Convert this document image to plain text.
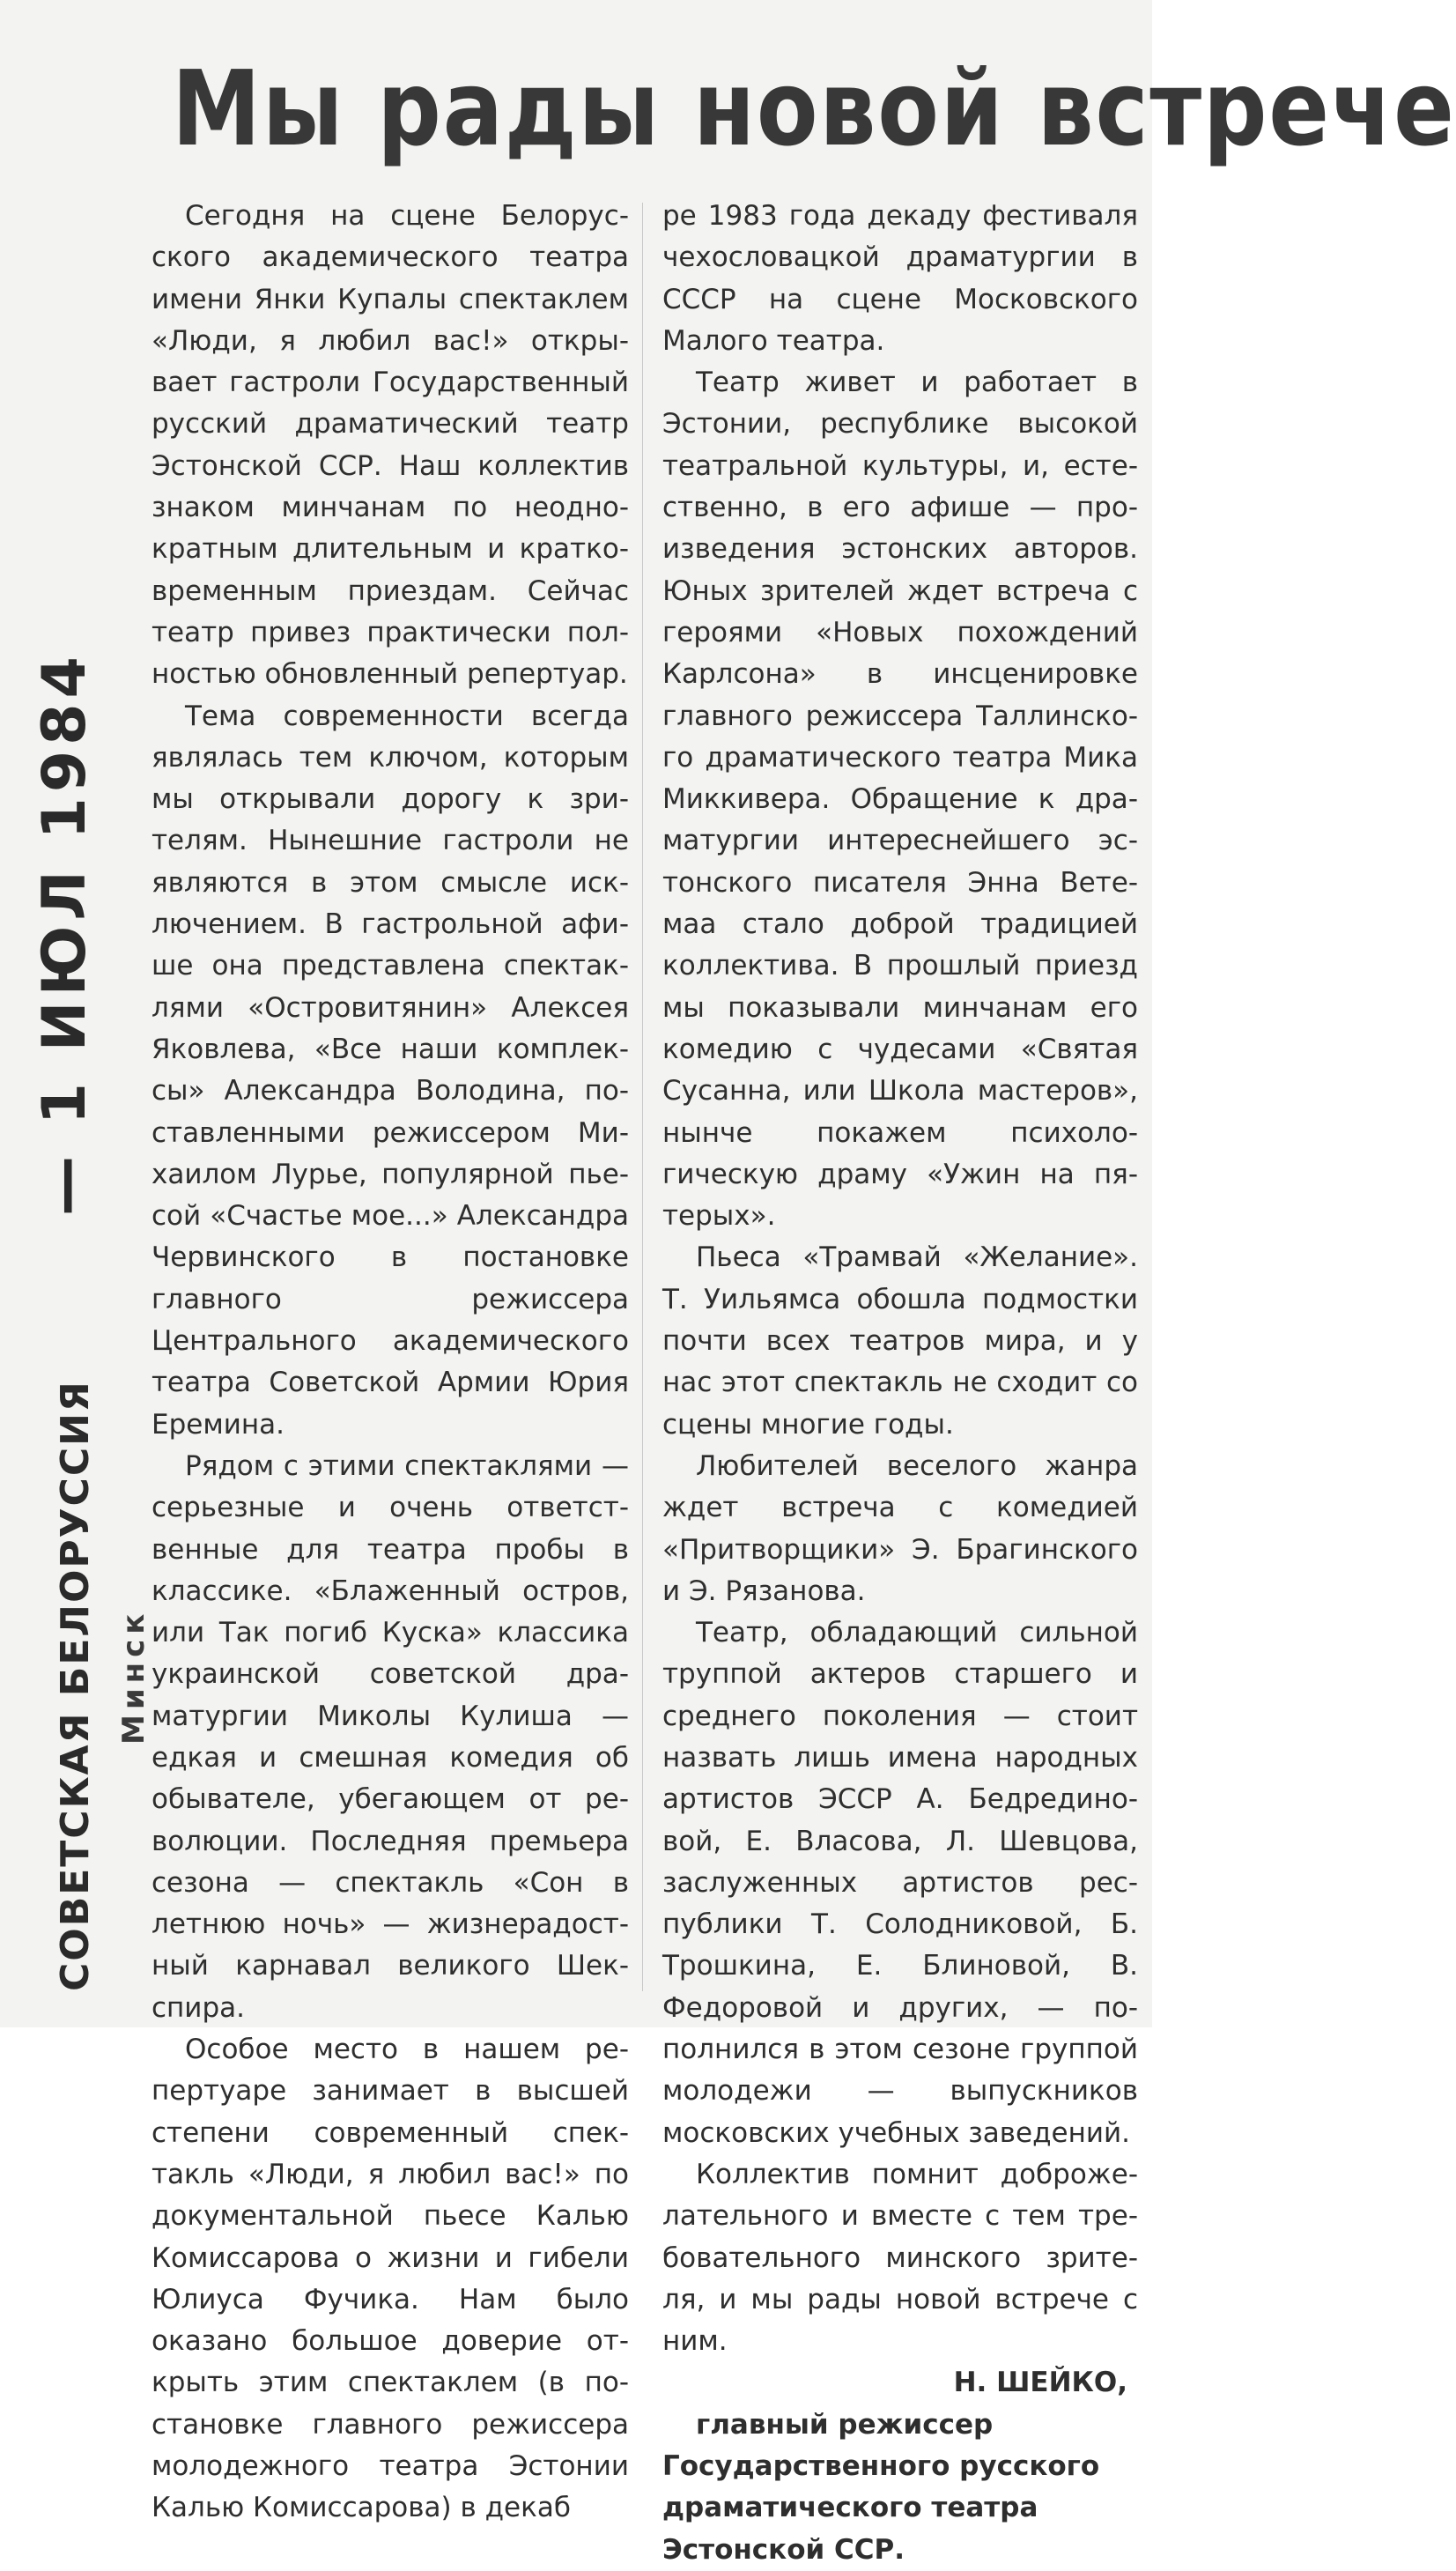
Мы рады новой встрече

Сегодня на сцене Белорусского академического театра имени Янки Купалы спектаклем «Люди, я любил вас!» открывает гастроли Государственный русский драматический театр Эстонской ССР. Наш коллектив знаком минчанам по неоднократным длительным и кратковременным приездам. Сейчас театр привез практически полностью обновленный репертуар.

Тема современности всегда являлась тем ключом, которым мы открывали дорогу к зрителям. Нынешние гастроли не являются в этом смысле исключением. В гастрольной афише она представлена спектаклями «Островитянин» Алексея Яковлева, «Все наши комплексы» Александра Володина, поставленными режиссером Михаилом Лурье, популярной пьесой «Счастье мое...» Александра Червинского в постановке главного режиссера Центрального академического театра Советской Армии Юрия Еремина.

Рядом с этими спектаклями — серьезные и очень ответственные для театра пробы в классике. «Блаженный остров, или Так погиб Куска» классика украинской советской драматургии Миколы Кулиша — едкая и смешная комедия об обывателе, убегающем от революции. Последняя премьера сезона — спектакль «Сон в летнюю ночь» — жизнерадостный карнавал великого Шекспира.

Особое место в нашем репертуаре занимает в высшей степени современный спектакль «Люди, я любил вас!» по документальной пьесе Калью Комиссарова о жизни и гибели Юлиуса Фучика. Нам было оказано большое доверие открыть этим спектаклем (в постановке главного режиссера молодежного театра Эстонии Калью Комиссарова) в декаб

ре 1983 года декаду фестиваля чехословацкой драматургии в СССР на сцене Московского Малого театра.

Театр живет и работает в Эстонии, республике высокой театральной культуры, и, естественно, в его афише — произведения эстонских авторов. Юных зрителей ждет встреча с героями «Новых похождений Карлсона» в инсценировке главного режиссера Таллинского драматического театра Мика Миккивера. Обращение к драматургии интереснейшего эстонского писателя Энна Ветемаа стало доброй традицией коллектива. В прошлый приезд мы показывали минчанам его комедию с чудесами «Святая Сусанна, или Школа мастеров», нынче покажем психологическую драму «Ужин на пятерых».

Пьеса «Трамвай «Желание». Т. Уильямса обошла подмостки почти всех театров мира, и у нас этот спектакль не сходит со сцены многие годы.

Любителей веселого жанра ждет встреча с комедией «Притворщики» Э. Брагинского и Э. Рязанова.

Театр, обладающий сильной труппой актеров старшего и среднего поколения — стоит назвать лишь имена народных артистов ЭССР А. Бедрединовой, Е. Власова, Л. Шевцова, заслуженных артистов республики Т. Солодниковой, Б. Трошкина, Е. Блиновой, В. Федоровой и других, — пополнился в этом сезоне группой молодежи — выпускников московских учебных заведений.

Коллектив помнит доброжелательного и вместе с тем требовательного минского зрителя, и мы рады новой встрече с ним.

Н. ШЕЙКО,

главный режиссер Государственного русского драматического театра Эстонской ССР.

— 1 ИЮЛ 1984
СОВЕТСКАЯ БЕЛОРУССИЯ Минск
